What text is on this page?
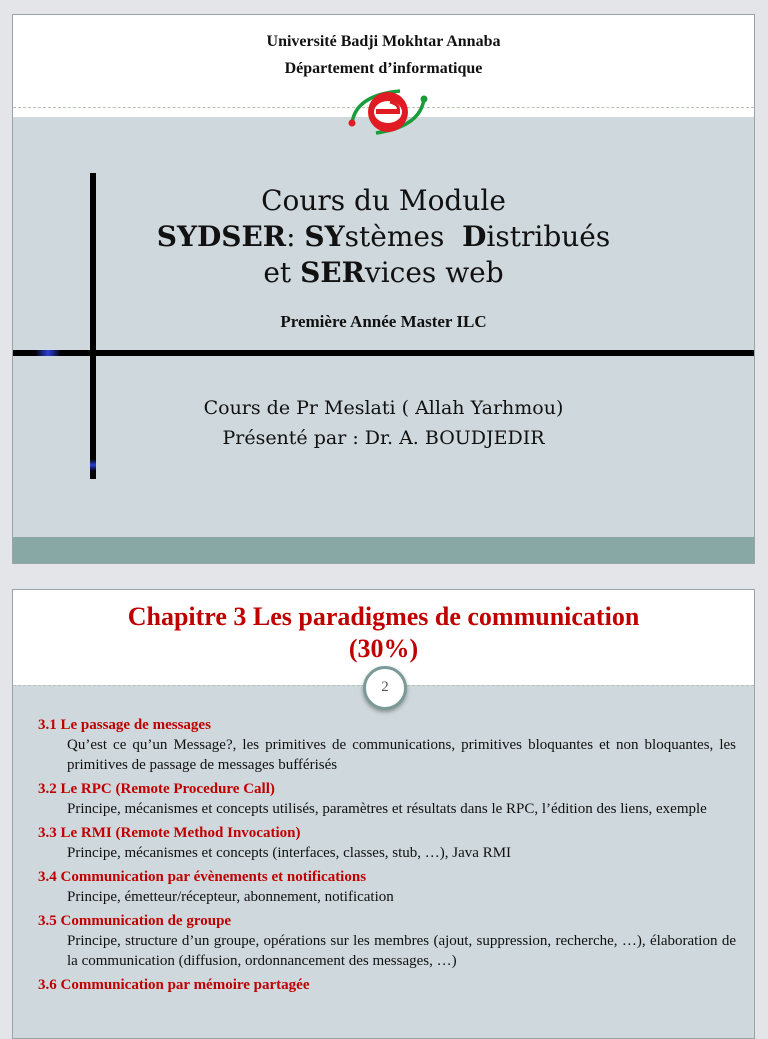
Université Badji Mokhtar Annaba
Département d’informatique
Cours du Module
SYDSER: SYstèmes  Distribués
et SERvices web
Première Année Master ILC
Cours de Pr Meslati ( Allah Yarhmou)
Présenté par : Dr. A. BOUDJEDIR
Chapitre 3 Les paradigmes de communication
(30%)
2
3.1 Le passage de messages
Qu’est ce qu’un Message?, les primitives de communications, primitives bloquantes et non bloquantes, les primitives de passage de messages bufférisés
3.2 Le RPC (Remote Procedure Call)
Principe, mécanismes et concepts utilisés, paramètres et résultats dans le RPC, l’édition des liens, exemple
3.3 Le RMI (Remote Method Invocation)
Principe, mécanismes et concepts (interfaces, classes, stub, …), Java RMI
3.4 Communication par évènements et notifications
Principe, émetteur/récepteur, abonnement, notification
3.5 Communication de groupe
Principe, structure d’un groupe, opérations sur les membres (ajout, suppression, recherche, …), élaboration de la communication (diffusion, ordonnancement des messages, …)
3.6 Communication par mémoire partagée
